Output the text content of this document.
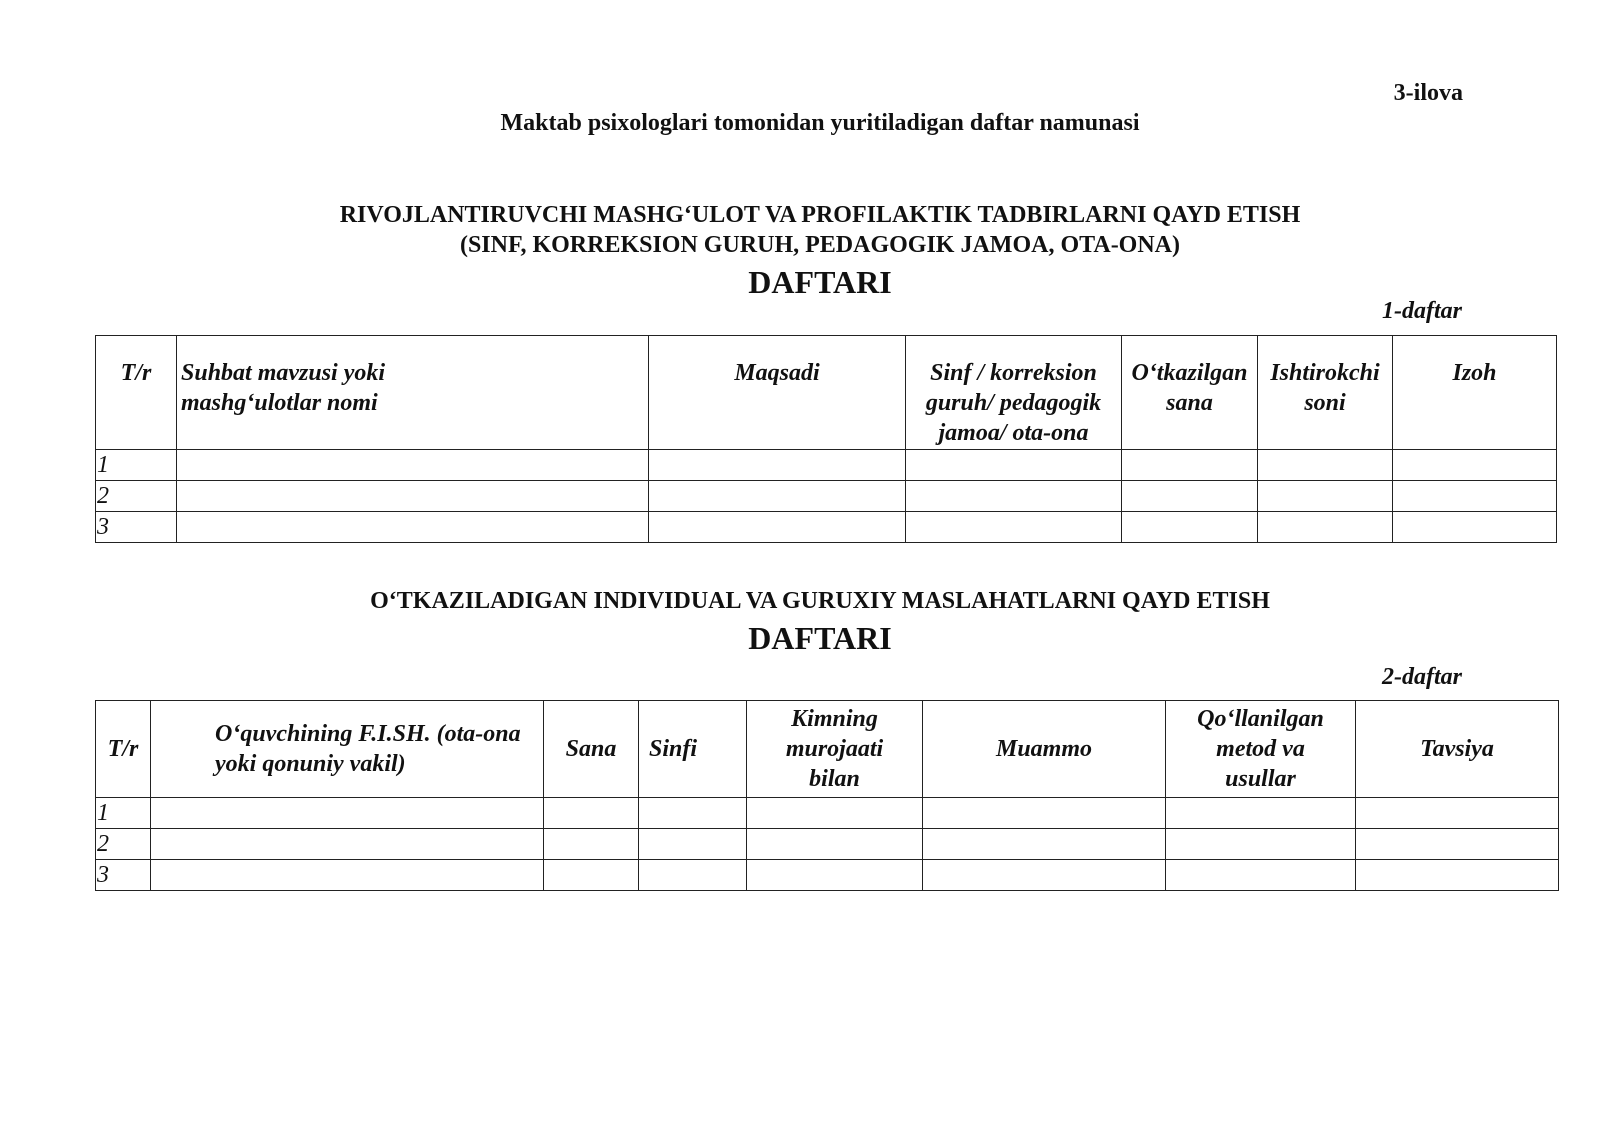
3-ilova
Maktab psixologlari tomonidan yuritiladigan daftar namunasi
RIVOJLANTIRUVCHI MASHG‘ULOT VA PROFILAKTIK TADBIRLARNI QAYD ETISH
(SINF, KORREKSION GURUH, PEDAGOGIK JAMOA, OTA-ONA)
DAFTARI
1-daftar
T/r	Suhbat mavzusi yoki mashg‘ulotlar nomi	Maqsadi	Sinf / korreksion guruh/ pedagogik jamoa/ ota-ona	O‘tkazilgan sana	Ishtirokchi soni	Izoh
1						
2						
3						
O‘TKAZILADIGAN INDIVIDUAL VA GURUXIY MASLAHATLARNI QAYD ETISH
DAFTARI
2-daftar
T/r	O‘quvchining F.I.SH. (ota-ona yoki qonuniy vakil)	Sana	Sinfi	Kimning murojaati bilan	Muammo	Qo‘llanilgan metod va usullar	Tavsiya
1							
2							
3							
